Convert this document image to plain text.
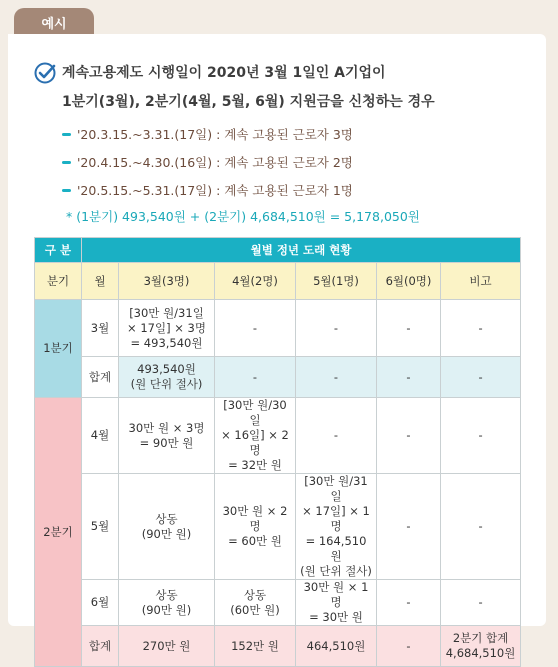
예시
계속고용제도 시행일이 2020년 3월 1일인 A기업이
1분기(3월), 2분기(4월, 5월, 6월) 지원금을 신청하는 경우
'20.3.15.~3.31.(17일) : 계속 고용된 근로자 3명
'20.4.15.~4.30.(16일) : 계속 고용된 근로자 2명
'20.5.15.~5.31.(17일) : 계속 고용된 근로자 1명
* (1분기) 493,540원 + (2분기) 4,684,510원 = 5,178,050원
구 분	월별 정년 도래 현황					
분기	월	3월(3명)	4월(2명)	5월(1명)	6월(0명)	비고
1분기	3월	[30만 원/31일
× 17일] × 3명
= 493,540원	-	-	-	-
	합계	493,540원
(원 단위 절사)	-	-	-	-
2분기	4월	30만 원 × 3명
= 90만 원	[30만 원/30일
× 16일] × 2명
= 32만 원	-	-	-
	5월	상동
(90만 원)	30만 원 × 2명
= 60만 원	[30만 원/31일
× 17일] × 1명
= 164,510 원
(원 단위 절사)	-	-
	6월	상동
(90만 원)	상동
(60만 원)	30만 원 × 1명
= 30만 원	-	-
	합계	270만 원	152만 원	464,510원	-	2분기 합계
4,684,510원
